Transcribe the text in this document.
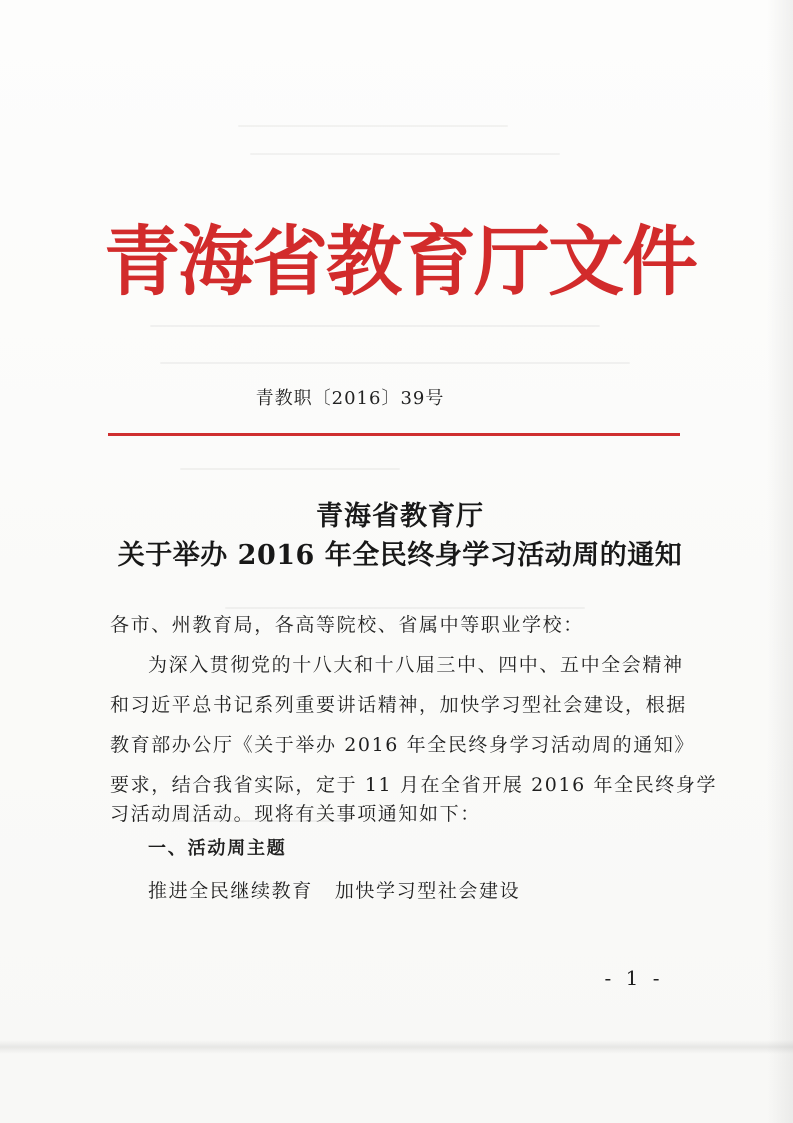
青海省教育厅文件
青教职〔2016〕39号
青海省教育厅
关于举办 2016 年全民终身学习活动周的通知
各市、州教育局，各高等院校、省属中等职业学校：
为深入贯彻党的十八大和十八届三中、四中、五中全会精神
和习近平总书记系列重要讲话精神，加快学习型社会建设，根据
教育部办公厅《关于举办 2016 年全民终身学习活动周的通知》
要求，结合我省实际，定于 11 月在全省开展 2016 年全民终身学
习活动周活动。现将有关事项通知如下：
一、活动周主题
推进全民继续教育 加快学习型社会建设
- 1 -
